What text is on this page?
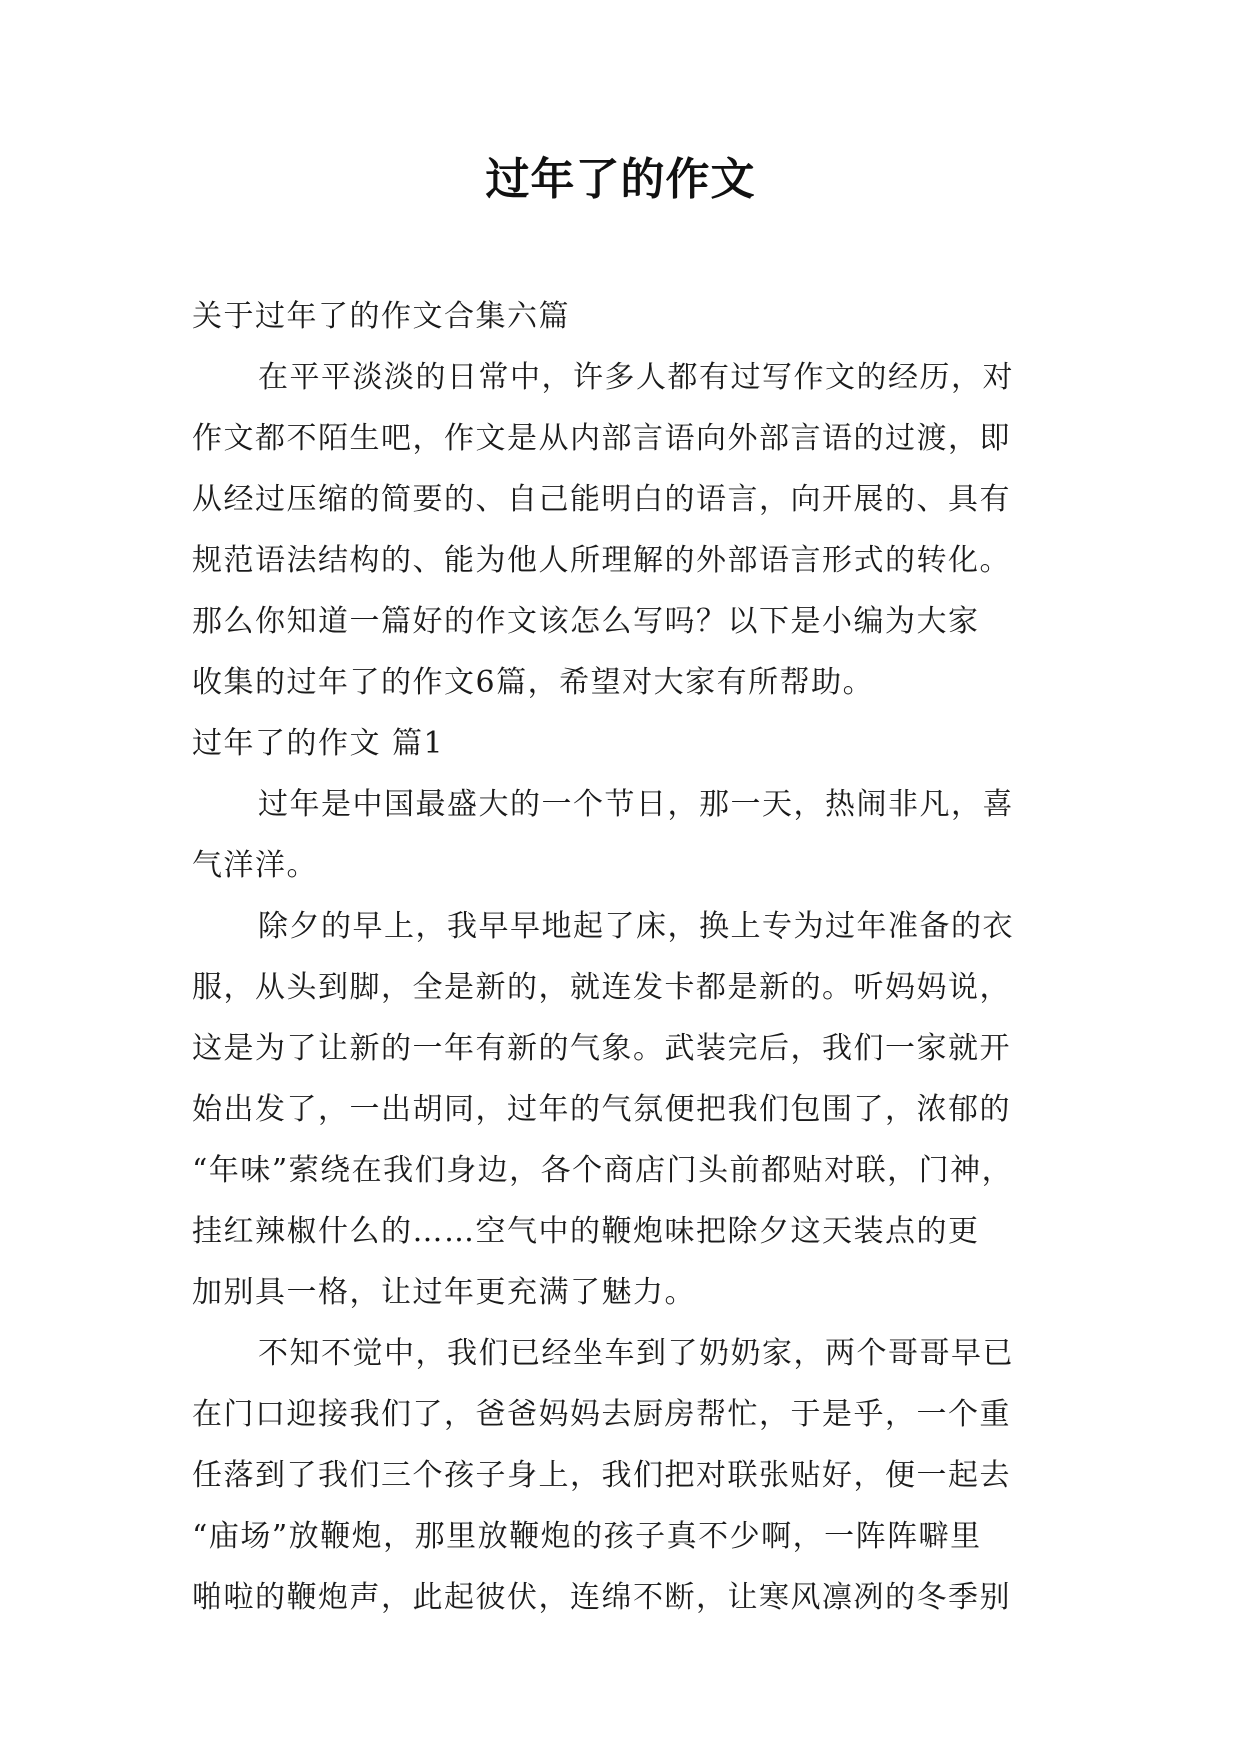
过年了的作文
关于过年了的作文合集六篇
在平平淡淡的日常中，许多人都有过写作文的经历，对
作文都不陌生吧，作文是从内部言语向外部言语的过渡，即
从经过压缩的简要的、自己能明白的语言，向开展的、具有
规范语法结构的、能为他人所理解的外部语言形式的转化。
那么你知道一篇好的作文该怎么写吗？以下是小编为大家
收集的过年了的作文6篇，希望对大家有所帮助。
过年了的作文 篇1
过年是中国最盛大的一个节日，那一天，热闹非凡，喜
气洋洋。
除夕的早上，我早早地起了床，换上专为过年准备的衣
服，从头到脚，全是新的，就连发卡都是新的。听妈妈说，
这是为了让新的一年有新的气象。武装完后，我们一家就开
始出发了，一出胡同，过年的气氛便把我们包围了，浓郁的
“年味”萦绕在我们身边，各个商店门头前都贴对联，门神，
挂红辣椒什么的……空气中的鞭炮味把除夕这天装点的更
加别具一格，让过年更充满了魅力。
不知不觉中，我们已经坐车到了奶奶家，两个哥哥早已
在门口迎接我们了，爸爸妈妈去厨房帮忙，于是乎，一个重
任落到了我们三个孩子身上，我们把对联张贴好，便一起去
“庙场”放鞭炮，那里放鞭炮的孩子真不少啊，一阵阵噼里
啪啦的鞭炮声，此起彼伏，连绵不断，让寒风凛冽的冬季别
